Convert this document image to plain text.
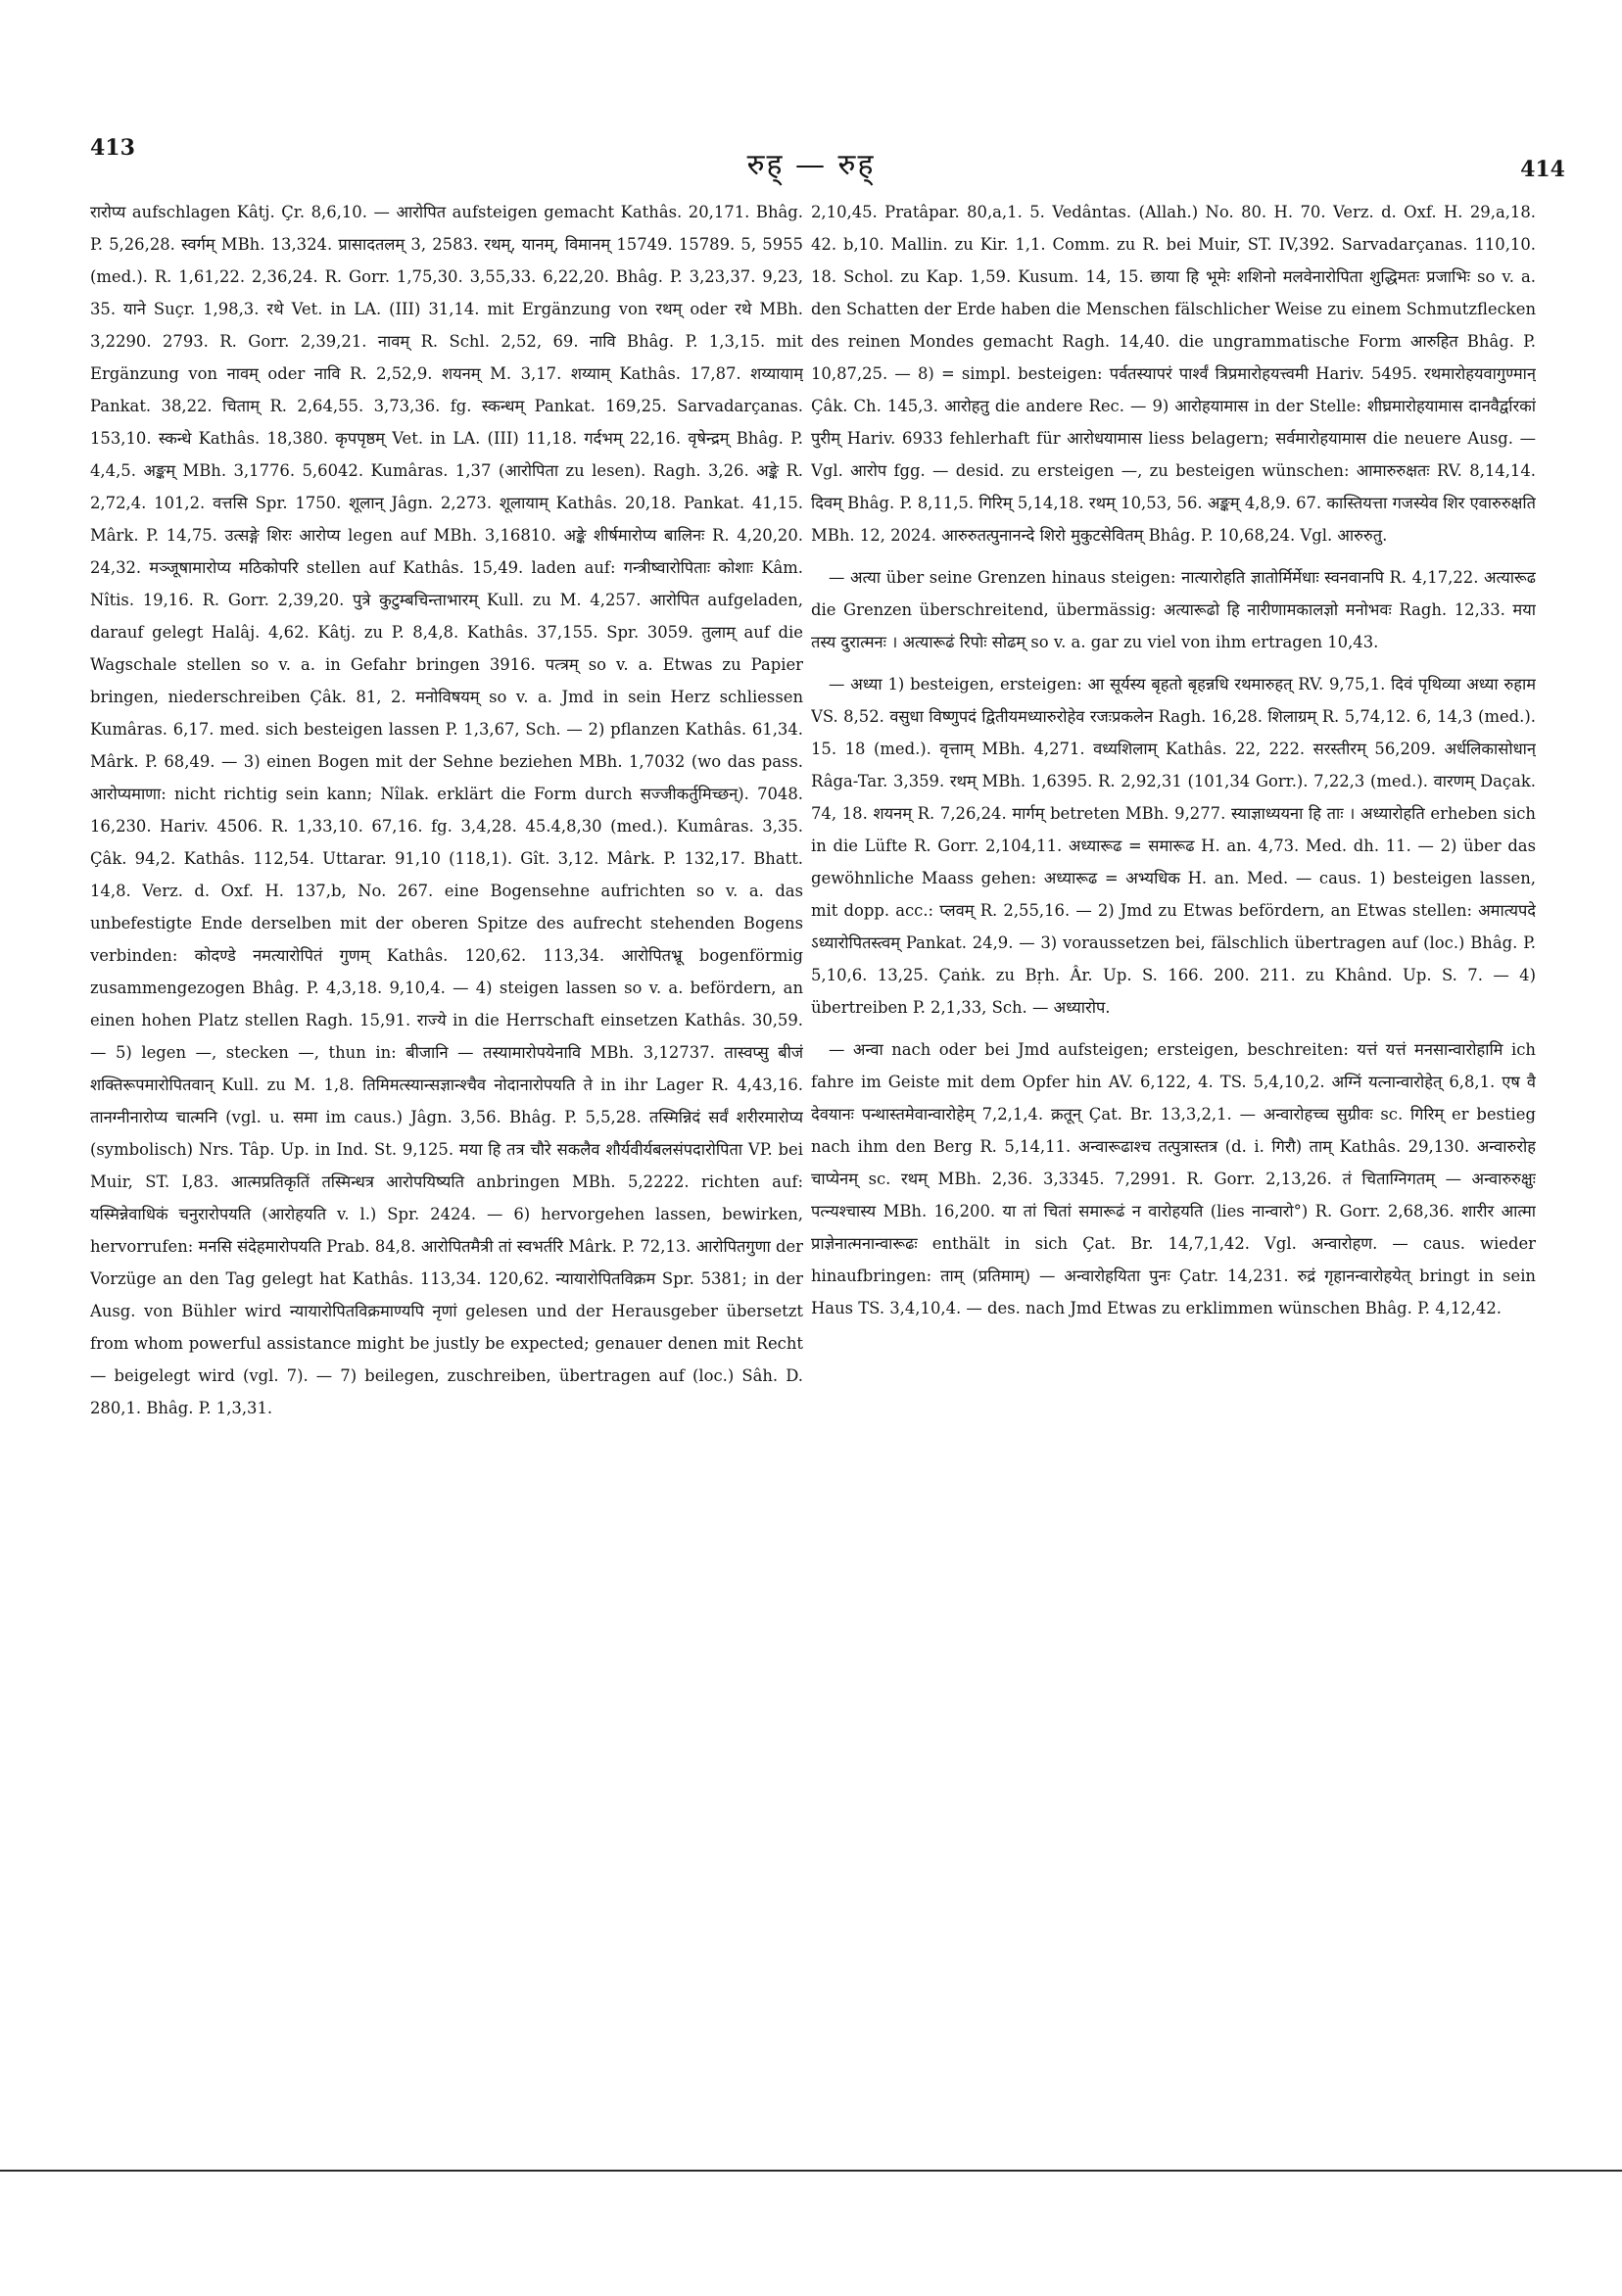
413	रुह् — रुह्	414

रारोप्य aufschlagen Kâtj. Çr. 8,6,10. — आरोपित aufsteigen gemacht Kathâs. 20,171. Bhâg. P. 5,26,28. स्वर्गम् MBh. 13,324. प्रासादतलम् 3, 2583. रथम्, यानम्, विमानम् 15749. 15789. 5, 5955 (med.). R. 1,61,22. 2,36,24. R. Gorr. 1,75,30. 3,55,33. 6,22,20. Bhâg. P. 3,23,37. 9,23, 35. याने Suçr. 1,98,3. रथे Vet. in LA. (III) 31,14. mit Ergänzung von रथम् oder रथे MBh. 3,2290. 2793. R. Gorr. 2,39,21. नावम् R. Schl. 2,52, 69. नावि Bhâg. P. 1,3,15. mit Ergänzung von नावम् oder नावि R. 2,52,9. शयनम् M. 3,17. शय्याम् Kathâs. 17,87. शय्यायाम् Pankat. 38,22. चिताम् R. 2,64,55. 3,73,36. fg. स्कन्धम् Pankat. 169,25. Sarvadarçanas. 153,10. स्कन्धे Kathâs. 18,380. कृपपृष्ठम् Vet. in LA. (III) 11,18. गर्दभम् 22,16. वृषेन्द्रम् Bhâg. P. 4,4,5. अङ्कम् MBh. 3,1776. 5,6042. Kumâras. 1,37 (आरोपिता zu lesen). Ragh. 3,26. अङ्के R. 2,72,4. 101,2. वत्तसि Spr. 1750. शूलान् Jâgn. 2,273. शूलायाम् Kathâs. 20,18. Pankat. 41,15. Mârk. P. 14,75. उत्सङ्गे शिरः आरोप्य legen auf MBh. 3,16810. अङ्के शीर्षमारोप्य बालिनः R. 4,20,20. 24,32. मञ्जूषामारोप्य मठिकोपरि stellen auf Kathâs. 15,49. laden auf: गन्त्रीष्वारोपिताः कोशाः Kâm. Nîtis. 19,16. R. Gorr. 2,39,20. पुत्रे कुटुम्बचिन्ताभारम् Kull. zu M. 4,257. आरोपित aufgeladen, darauf gelegt Halâj. 4,62. Kâtj. zu P. 8,4,8. Kathâs. 37,155. Spr. 3059. तुलाम् auf die Wagschale stellen so v. a. in Gefahr bringen 3916. पत्त्रम् so v. a. Etwas zu Papier bringen, niederschreiben Çâk. 81, 2. मनोविषयम् so v. a. Jmd in sein Herz schliessen Kumâras. 6,17. med. sich besteigen lassen P. 1,3,67, Sch. — 2) pflanzen Kathâs. 61,34. Mârk. P. 68,49. — 3) einen Bogen mit der Sehne beziehen MBh. 1,7032 (wo das pass. आरोप्यमाणा: nicht richtig sein kann; Nîlak. erklärt die Form durch सज्जीकर्तुमिच्छन्). 7048. 16,230. Hariv. 4506. R. 1,33,10. 67,16. fg. 3,4,28. 45.4,8,30 (med.). Kumâras. 3,35. Çâk. 94,2. Kathâs. 112,54. Uttarar. 91,10 (118,1). Gît. 3,12. Mârk. P. 132,17. Bhatt. 14,8. Verz. d. Oxf. H. 137,b, No. 267. eine Bogensehne aufrichten so v. a. das unbefestigte Ende derselben mit der oberen Spitze des aufrecht stehenden Bogens verbinden: कोदण्डे नमत्यारोपितं गुणम् Kathâs. 120,62. 113,34. आरोपितभ्रू bogenförmig zusammengezogen Bhâg. P. 4,3,18. 9,10,4. — 4) steigen lassen so v. a. befördern, an einen hohen Platz stellen Ragh. 15,91. राज्ये in die Herrschaft einsetzen Kathâs. 30,59. — 5) legen —, stecken —, thun in: बीजानि — तस्यामारोपयेनावि MBh. 3,12737. तास्वप्सु बीजं शक्तिरूपमारोपितवान् Kull. zu M. 1,8. तिमिमत्स्यान्सज्ञान्श्चैव नोदानारोपयति ते in ihr Lager R. 4,43,16. तानग्नीनारोप्य चात्मनि (vgl. u. समा im caus.) Jâgn. 3,56. Bhâg. P. 5,5,28. तस्मिन्निदं सर्वं शरीरमारोप्य (symbolisch) Nrs. Tâp. Up. in Ind. St. 9,125. मया हि तत्र चौरे सकलैव शौर्यवीर्यबलसंपदारोपिता VP. bei Muir, ST. I,83. आत्मप्रतिकृतिं तस्मिन्धत्र आरोपयिष्यति anbringen MBh. 5,2222. richten auf: यस्मिन्नेवाधिकं चनुरारोपयति (आरोहयति v. l.) Spr. 2424. — 6) hervorgehen lassen, bewirken, hervorrufen: मनसि संदेहमारोपयति Prab. 84,8. आरोपितमैत्री तां स्वभर्तरि Mârk. P. 72,13. आरोपितगुणा der Vorzüge an den Tag gelegt hat Kathâs. 113,34. 120,62. न्यायारोपितविक्रम Spr. 5381; in der Ausg. von Bühler wird न्यायारोपितविक्रमाण्यपि नृणां gelesen und der Herausgeber übersetzt from whom powerful assistance might be justly be expected; genauer denen mit Recht — beigelegt wird (vgl. 7). — 7) beilegen, zuschreiben, übertragen auf (loc.) Sâh. D. 280,1. Bhâg. P. 1,3,31.

2,10,45. Pratâpar. 80,a,1. 5. Vedântas. (Allah.) No. 80. H. 70. Verz. d. Oxf. H. 29,a,18. 42. b,10. Mallin. zu Kir. 1,1. Comm. zu R. bei Muir, ST. IV,392. Sarvadarçanas. 110,10. 18. Schol. zu Kap. 1,59. Kusum. 14, 15. छाया हि भूमेः शशिनो मलवेनारोपिता शुद्धिमतः प्रजाभिः so v. a. den Schatten der Erde haben die Menschen fälschlicher Weise zu einem Schmutzflecken des reinen Mondes gemacht Ragh. 14,40. die ungrammatische Form आरुहित Bhâg. P. 10,87,25. — 8) = simpl. besteigen: पर्वतस्यापरं पार्श्वं त्रिप्रमारोहयत्त्वमी Hariv. 5495. रथमारोहयवागुण्मान् Çâk. Ch. 145,3. आरोहतु die andere Rec. — 9) आरोहयामास in der Stelle: शीघ्रमारोहयामास दानवैर्द्वारकां पुरीम् Hariv. 6933 fehlerhaft für आरोधयामास liess belagern; सर्वमारोहयामास die neuere Ausg. — Vgl. आरोप fgg. — desid. zu ersteigen —, zu besteigen wünschen: आमारुरुक्षतः RV. 8,14,14. दिवम् Bhâg. P. 8,11,5. गिरिम् 5,14,18. रथम् 10,53, 56. अङ्कम् 4,8,9. 67. कास्तियत्ता गजस्येव शिर एवारुरुक्षति MBh. 12, 2024. आरुरुतत्पुनानन्दे शिरो मुकुटसेवितम् Bhâg. P. 10,68,24. Vgl. आरुरुतु.

— अत्या über seine Grenzen hinaus steigen: नात्यारोहति ज्ञातोर्मिर्मेधाः स्वनवानपि R. 4,17,22. अत्यारूढ die Grenzen überschreitend, übermässig: अत्यारूढो हि नारीणामकालज्ञो मनोभवः Ragh. 12,33. मया तस्य दुरात्मनः । अत्यारूढं रिपोः सोढम् so v. a. gar zu viel von ihm ertragen 10,43.

— अध्या 1) besteigen, ersteigen: आ सूर्यस्य बृहतो बृहन्नधि रथमारुहत् RV. 9,75,1. दिवं पृथिव्या अध्या रुहाम VS. 8,52. वसुधा विष्णुपदं द्वितीयमध्यारुरोहेव रजःप्रकलेन Ragh. 16,28. शिलाग्रम् R. 5,74,12. 6, 14,3 (med.). 15. 18 (med.). वृत्ताम् MBh. 4,271. वध्यशिलाम् Kathâs. 22, 222. सरस्तीरम् 56,209. अर्धलिकासोधान् Râga-Tar. 3,359. रथम् MBh. 1,6395. R. 2,92,31 (101,34 Gorr.). 7,22,3 (med.). वारणम् Daçak. 74, 18. शयनम् R. 7,26,24. मार्गम् betreten MBh. 9,277. स्याज्ञाध्ययना हि ताः । अध्यारोहति erheben sich in die Lüfte R. Gorr. 2,104,11. अध्यारूढ = समारूढ H. an. 4,73. Med. dh. 11. — 2) über das gewöhnliche Maass gehen: अध्यारूढ = अभ्यधिक H. an. Med. — caus. 1) besteigen lassen, mit dopp. acc.: प्लवम् R. 2,55,16. — 2) Jmd zu Etwas befördern, an Etwas stellen: अमात्यपदे ऽध्यारोपितस्त्वम् Pankat. 24,9. — 3) voraussetzen bei, fälschlich übertragen auf (loc.) Bhâg. P. 5,10,6. 13,25. Çaṅk. zu Bṛh. Âr. Up. S. 166. 200. 211. zu Khând. Up. S. 7. — 4) übertreiben P. 2,1,33, Sch. — अध्यारोप.

— अन्वा nach oder bei Jmd aufsteigen; ersteigen, beschreiten: यत्तं यत्तं मनसान्वारोहामि ich fahre im Geiste mit dem Opfer hin AV. 6,122, 4. TS. 5,4,10,2. अग्निं यत्नान्वारोहेत् 6,8,1. एष वै देवयानः पन्थास्तमेवान्वारोहेम् 7,2,1,4. क्रतून् Çat. Br. 13,3,2,1. — अन्वारोहच्च सुग्रीवः sc. गिरिम् er bestieg nach ihm den Berg R. 5,14,11. अन्वारूढाश्च तत्पुत्रास्तत्र (d. i. गिरौ) ताम् Kathâs. 29,130. अन्वारुरोह चाप्येनम् sc. रथम् MBh. 2,36. 3,3345. 7,2991. R. Gorr. 2,13,26. तं चिताग्निगतम् — अन्वारुरुक्षुः पत्न्यश्चास्य MBh. 16,200. या तां चितां समारूढं न वारोहयति (lies नान्वारो°) R. Gorr. 2,68,36. शारीर आत्मा प्राज्ञेनात्मनान्वारूढः enthält in sich Çat. Br. 14,7,1,42. Vgl. अन्वारोहण. — caus. wieder hinaufbringen: ताम् (प्रतिमाम्) — अन्वारोहयिता पुनः Çatr. 14,231. रुद्रं गृहानन्वारोहयेत् bringt in sein Haus TS. 3,4,10,4. — des. nach Jmd Etwas zu erklimmen wünschen Bhâg. P. 4,12,42.
